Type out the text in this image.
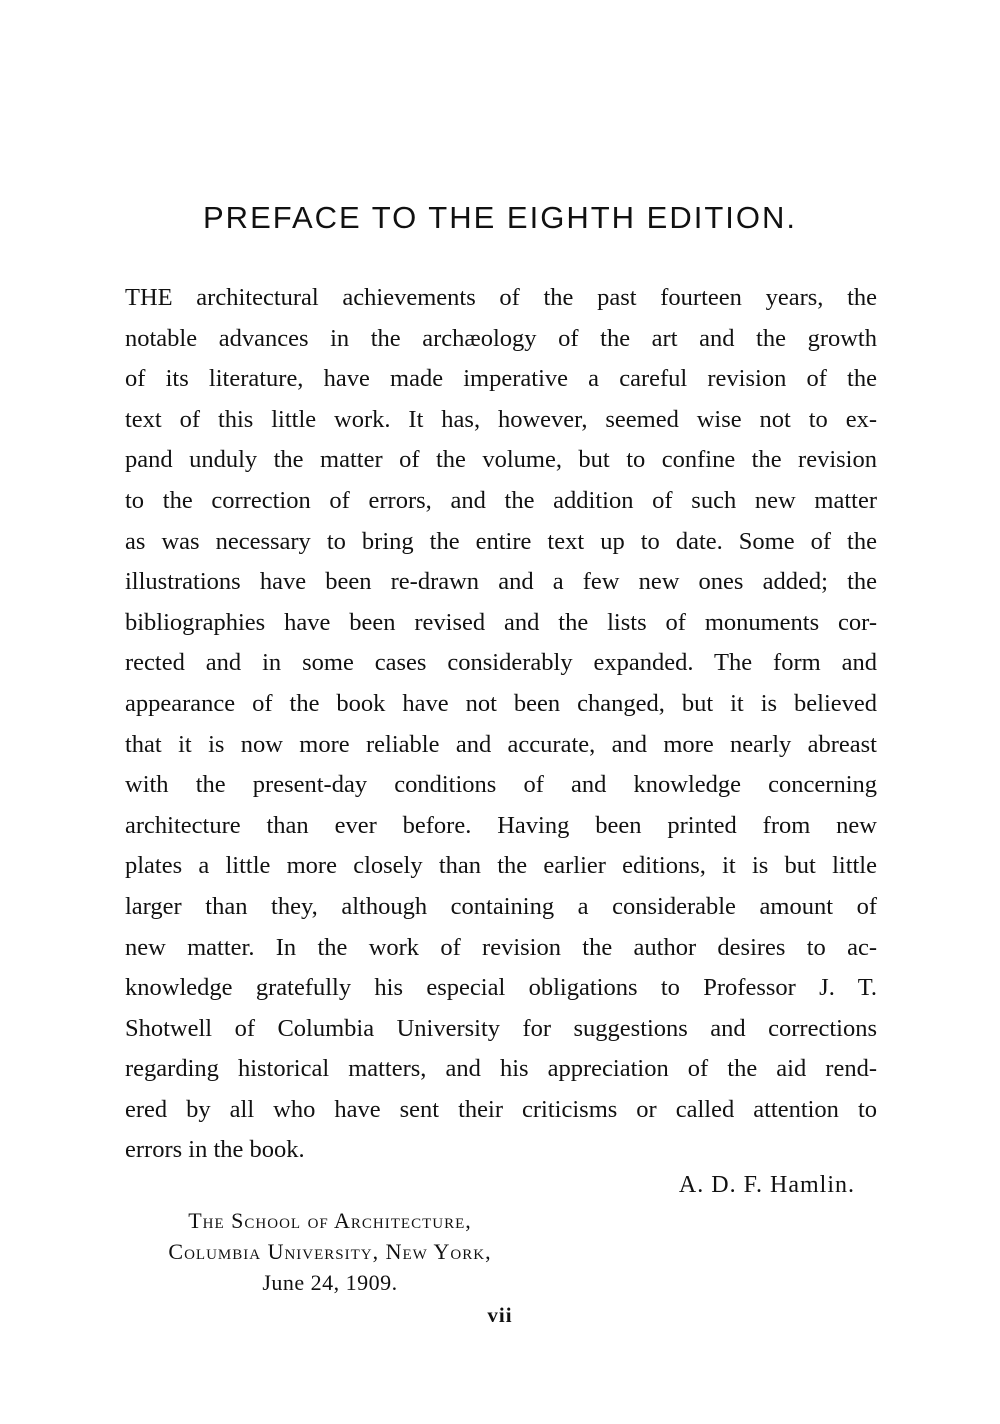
PREFACE TO THE EIGHTH EDITION.
THE architectural achievements of the past fourteen years, the
notable advances in the archæology of the art and the growth
of its literature, have made imperative a careful revision of the
text of this little work. It has, however, seemed wise not to ex-
pand unduly the matter of the volume, but to confine the revision
to the correction of errors, and the addition of such new matter
as was necessary to bring the entire text up to date. Some of the
illustrations have been re-drawn and a few new ones added; the
bibliographies have been revised and the lists of monuments cor-
rected and in some cases considerably expanded. The form and
appearance of the book have not been changed, but it is believed
that it is now more reliable and accurate, and more nearly abreast
with the present-day conditions of and knowledge concerning
architecture than ever before. Having been printed from new
plates a little more closely than the earlier editions, it is but little
larger than they, although containing a considerable amount of
new matter. In the work of revision the author desires to ac-
knowledge gratefully his especial obligations to Professor J. T.
Shotwell of Columbia University for suggestions and corrections
regarding historical matters, and his appreciation of the aid rend-
ered by all who have sent their criticisms or called attention to
errors in the book.
A. D. F. Hamlin.
The School of Architecture,
Columbia University, New York,
June 24, 1909.
vii
